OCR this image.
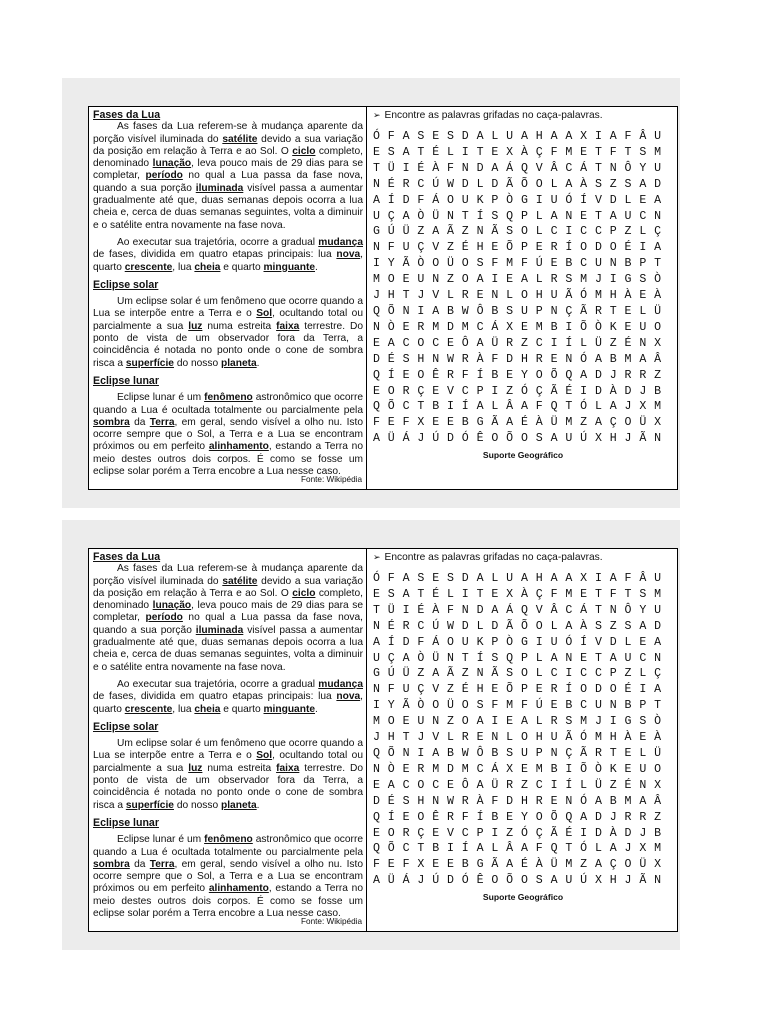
Fases da Lua

As fases da Lua referem-se à mudança aparente da porção visível iluminada do satélite devido a sua variação da posição em relação à Terra e ao Sol. O ciclo completo, denominado lunação, leva pouco mais de 29 dias para se completar, período no qual a Lua passa da fase nova, quando a sua porção iluminada visível passa a aumentar gradualmente até que, duas semanas depois ocorra a lua cheia e, cerca de duas semanas seguintes, volta a diminuir e o satélite entra novamente na fase nova.

Ao executar sua trajetória, ocorre a gradual mudança de fases, dividida em quatro etapas principais: lua nova, quarto crescente, lua cheia e quarto minguante.

Eclipse solar

Um eclipse solar é um fenômeno que ocorre quando a Lua se interpõe entre a Terra e o Sol, ocultando total ou parcialmente a sua luz numa estreita faixa terrestre. Do ponto de vista de um observador fora da Terra, a coincidência é notada no ponto onde o cone de sombra risca a superfície do nosso planeta.

Eclipse lunar

Eclipse lunar é um fenômeno astronômico que ocorre quando a Lua é ocultada totalmente ou parcialmente pela sombra da Terra, em geral, sendo visível a olho nu. Isto ocorre sempre que o Sol, a Terra e a Lua se encontram próximos ou em perfeito alinhamento, estando a Terra no meio destes outros dois corpos. É como se fosse um eclipse solar porém a Terra encobre a Lua nesse caso.

Fonte: Wikipédia

➢ Encontre as palavras grifadas no caça-palavras.

Ó F A S E S D A L U A H A A X I A F Â U
E S A T É L I T E X À Ç F M E T F T S M
T Ü I É À F N D A Á Q V Â C Á T N Ô Y U
N É R C Ú W D L D Ã Õ O L A À S Z S A D
A Í D F Á O U K P Ò G I U Ó Í V D L E A
U Ç A Ò Ü N T Í S Q P L A N E T A U C N
G Ú Ü Z A Ã Z N Ã S O L C I C C P Z L Ç
N F U Ç V Z É H E Õ P E R Í O D O É I A
I Y Ã Ò O Ü O S F M F Ú E B C U N B P T
M O E U N Z O A I E A L R S M J I G S Ò
J H T J V L R E N L O H U Ã Ó M H À E À
Q Õ N I A B W Ô B S U P N Ç Ã R T E L Ü
N Ò E R M D M C Á X E M B I Õ Ò K E U O
E A C O C E Ô A Ü R Z C I Í L Ü Z É N X
D É S H N W R À F D H R E N Ó A B M A Â
Q Í E O Ê R F Í B E Y O Õ Q A D J R R Z
E O R Ç E V C P I Z Ó Ç Ã É I D À D J B
Q Õ C T B I Í A L Â A F Q T Ó L A J X M
F E F X E E B G Ã A É À Ü M Z A Ç O Ü X
A Ü Á J Ú D Ó Ê O Õ O S A U Ú X H J Ã N
Suporte Geográfico

Fases da Lua

As fases da Lua referem-se à mudança aparente da porção visível iluminada do satélite devido a sua variação da posição em relação à Terra e ao Sol. O ciclo completo, denominado lunação, leva pouco mais de 29 dias para se completar, período no qual a Lua passa da fase nova, quando a sua porção iluminada visível passa a aumentar gradualmente até que, duas semanas depois ocorra a lua cheia e, cerca de duas semanas seguintes, volta a diminuir e o satélite entra novamente na fase nova.

Ao executar sua trajetória, ocorre a gradual mudança de fases, dividida em quatro etapas principais: lua nova, quarto crescente, lua cheia e quarto minguante.

Eclipse solar

Um eclipse solar é um fenômeno que ocorre quando a Lua se interpõe entre a Terra e o Sol, ocultando total ou parcialmente a sua luz numa estreita faixa terrestre. Do ponto de vista de um observador fora da Terra, a coincidência é notada no ponto onde o cone de sombra risca a superfície do nosso planeta.

Eclipse lunar

Eclipse lunar é um fenômeno astronômico que ocorre quando a Lua é ocultada totalmente ou parcialmente pela sombra da Terra, em geral, sendo visível a olho nu. Isto ocorre sempre que o Sol, a Terra e a Lua se encontram próximos ou em perfeito alinhamento, estando a Terra no meio destes outros dois corpos. É como se fosse um eclipse solar porém a Terra encobre a Lua nesse caso.

Fonte: Wikipédia

➢ Encontre as palavras grifadas no caça-palavras.

Ó F A S E S D A L U A H A A X I A F Â U
E S A T É L I T E X À Ç F M E T F T S M
T Ü I É À F N D A Á Q V Â C Á T N Ô Y U
N É R C Ú W D L D Ã Õ O L A À S Z S A D
A Í D F Á O U K P Ò G I U Ó Í V D L E A
U Ç A Ò Ü N T Í S Q P L A N E T A U C N
G Ú Ü Z A Ã Z N Ã S O L C I C C P Z L Ç
N F U Ç V Z É H E Õ P E R Í O D O É I A
I Y Ã Ò O Ü O S F M F Ú E B C U N B P T
M O E U N Z O A I E A L R S M J I G S Ò
J H T J V L R E N L O H U Ã Ó M H À E À
Q Õ N I A B W Ô B S U P N Ç Ã R T E L Ü
N Ò E R M D M C Á X E M B I Õ Ò K E U O
E A C O C E Ô A Ü R Z C I Í L Ü Z É N X
D É S H N W R À F D H R E N Ó A B M A Â
Q Í E O Ê R F Í B E Y O Õ Q A D J R R Z
E O R Ç E V C P I Z Ó Ç Ã É I D À D J B
Q Õ C T B I Í A L Â A F Q T Ó L A J X M
F E F X E E B G Ã A É À Ü M Z A Ç O Ü X
A Ü Á J Ú D Ó Ê O Õ O S A U Ú X H J Ã N
Suporte Geográfico
